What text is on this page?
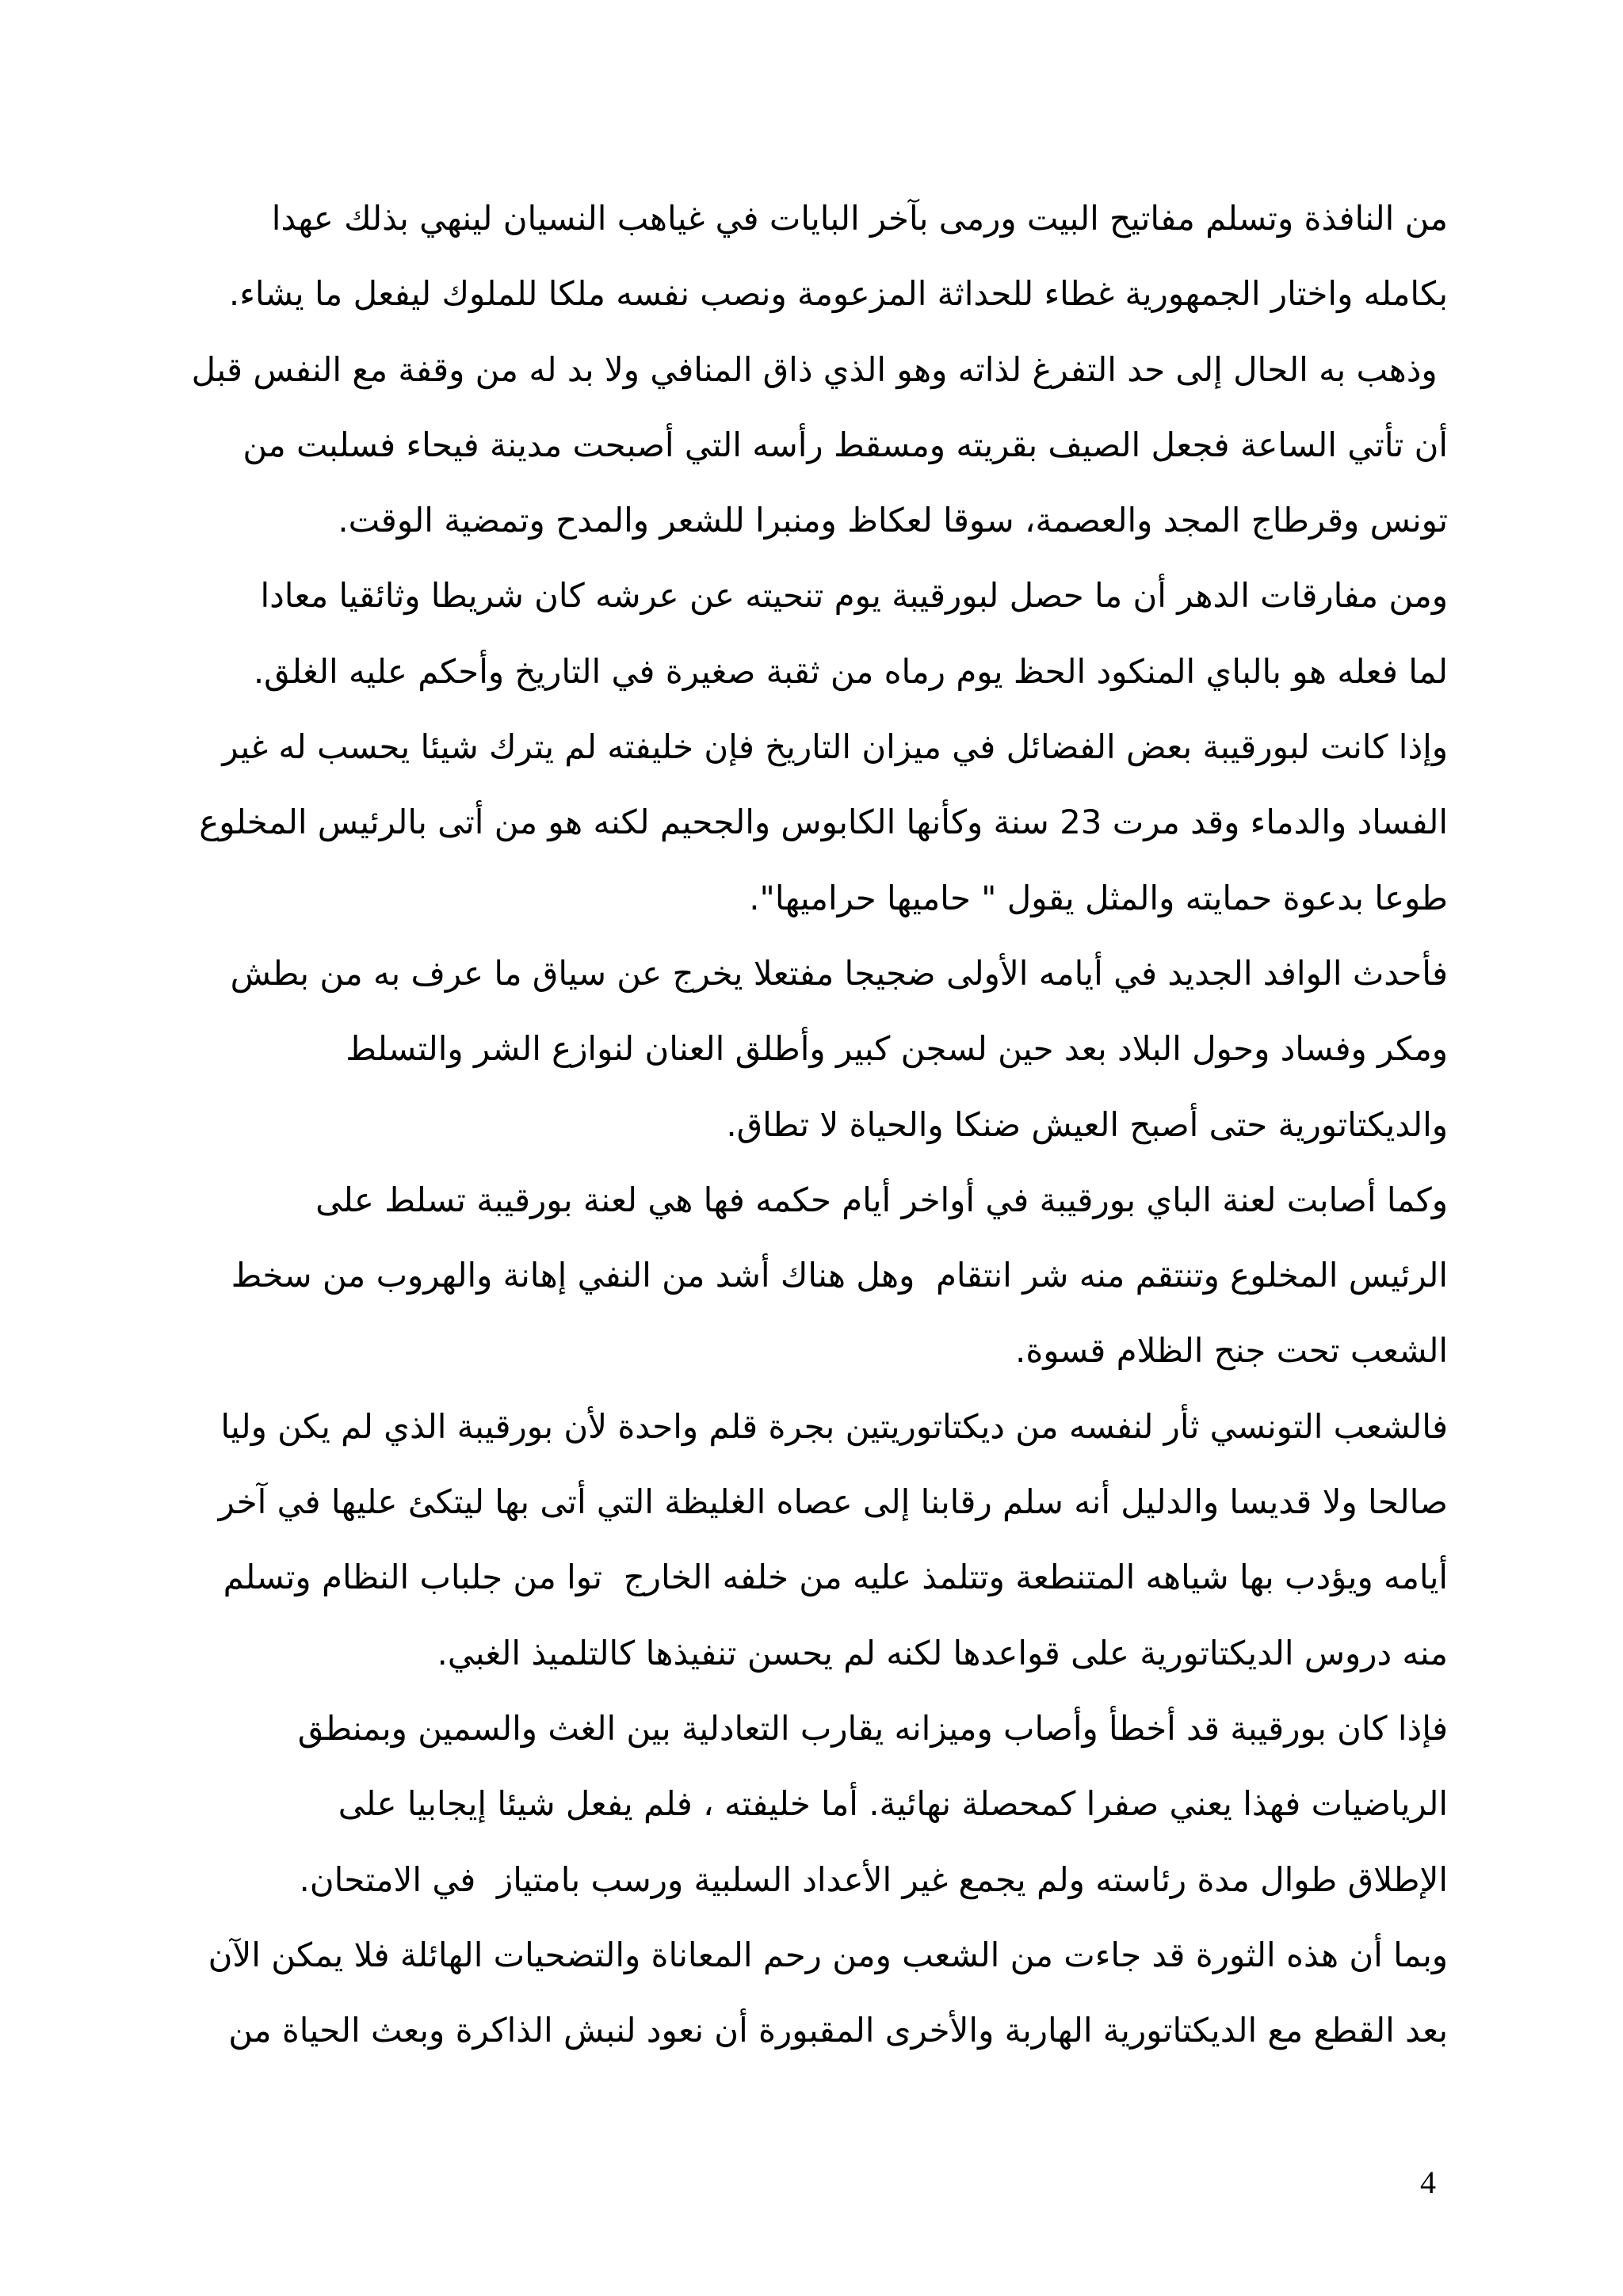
من النافذة وتسلم مفاتيح البيت ورمى بآخر البايات في غياهب النسيان لينهي بذلك عهدا
بكامله واختار الجمهورية غطاء للحداثة المزعومة ونصب نفسه ملكا للملوك ليفعل ما يشاء.
وذهب به الحال إلى حد التفرغ لذاته وهو الذي ذاق المنافي ولا بد له من وقفة مع النفس قبل
أن تأتي الساعة فجعل الصيف بقريته ومسقط رأسه التي أصبحت مدينة فيحاء فسلبت من
تونس وقرطاج المجد والعصمة، سوقا لعكاظ ومنبرا للشعر والمدح وتمضية الوقت.
ومن مفارقات الدهر أن ما حصل لبورقيبة يوم تنحيته عن عرشه كان شريطا وثائقيا معادا
لما فعله هو بالباي المنكود الحظ يوم رماه من ثقبة صغيرة في التاريخ وأحكم عليه الغلق.
وإذا كانت لبورقيبة بعض الفضائل في ميزان التاريخ فإن خليفته لم يترك شيئا يحسب له غير
الفساد والدماء وقد مرت 23 سنة وكأنها الكابوس والجحيم لكنه هو من أتى بالرئيس المخلوع
طوعا بدعوة حمايته والمثل يقول " حاميها حراميها".
فأحدث الوافد الجديد في أيامه الأولى ضجيجا مفتعلا يخرج عن سياق ما عرف به من بطش
ومكر وفساد وحول البلاد بعد حين لسجن كبير وأطلق العنان لنوازع الشر والتسلط
والديكتاتورية حتى أصبح العيش ضنكا والحياة لا تطاق.
وكما أصابت لعنة الباي بورقيبة في أواخر أيام حكمه فها هي لعنة بورقيبة تسلط على
الرئيس المخلوع وتنتقم منه شر انتقام  وهل هناك أشد من النفي إهانة والهروب من سخط
الشعب تحت جنح الظلام قسوة.
فالشعب التونسي ثأر لنفسه من ديكتاتوريتين بجرة قلم واحدة لأن بورقيبة الذي لم يكن وليا
صالحا ولا قديسا والدليل أنه سلم رقابنا إلى عصاه الغليظة التي أتى بها ليتكئ عليها في آخر
أيامه ويؤدب بها شياهه المتنطعة وتتلمذ عليه من خلفه الخارج  توا من جلباب النظام وتسلم
منه دروس الديكتاتورية على قواعدها لكنه لم يحسن تنفيذها كالتلميذ الغبي.
فإذا كان بورقيبة قد أخطأ وأصاب وميزانه يقارب التعادلية بين الغث والسمين وبمنطق
الرياضيات فهذا يعني صفرا كمحصلة نهائية. أما خليفته ، فلم يفعل شيئا إيجابيا على
الإطلاق طوال مدة رئاسته ولم يجمع غير الأعداد السلبية ورسب بامتياز  في الامتحان.
وبما أن هذه الثورة قد جاءت من الشعب ومن رحم المعاناة والتضحيات الهائلة فلا يمكن الآن
بعد القطع مع الديكتاتورية الهاربة والأخرى المقبورة أن نعود لنبش الذاكرة وبعث الحياة من
4
